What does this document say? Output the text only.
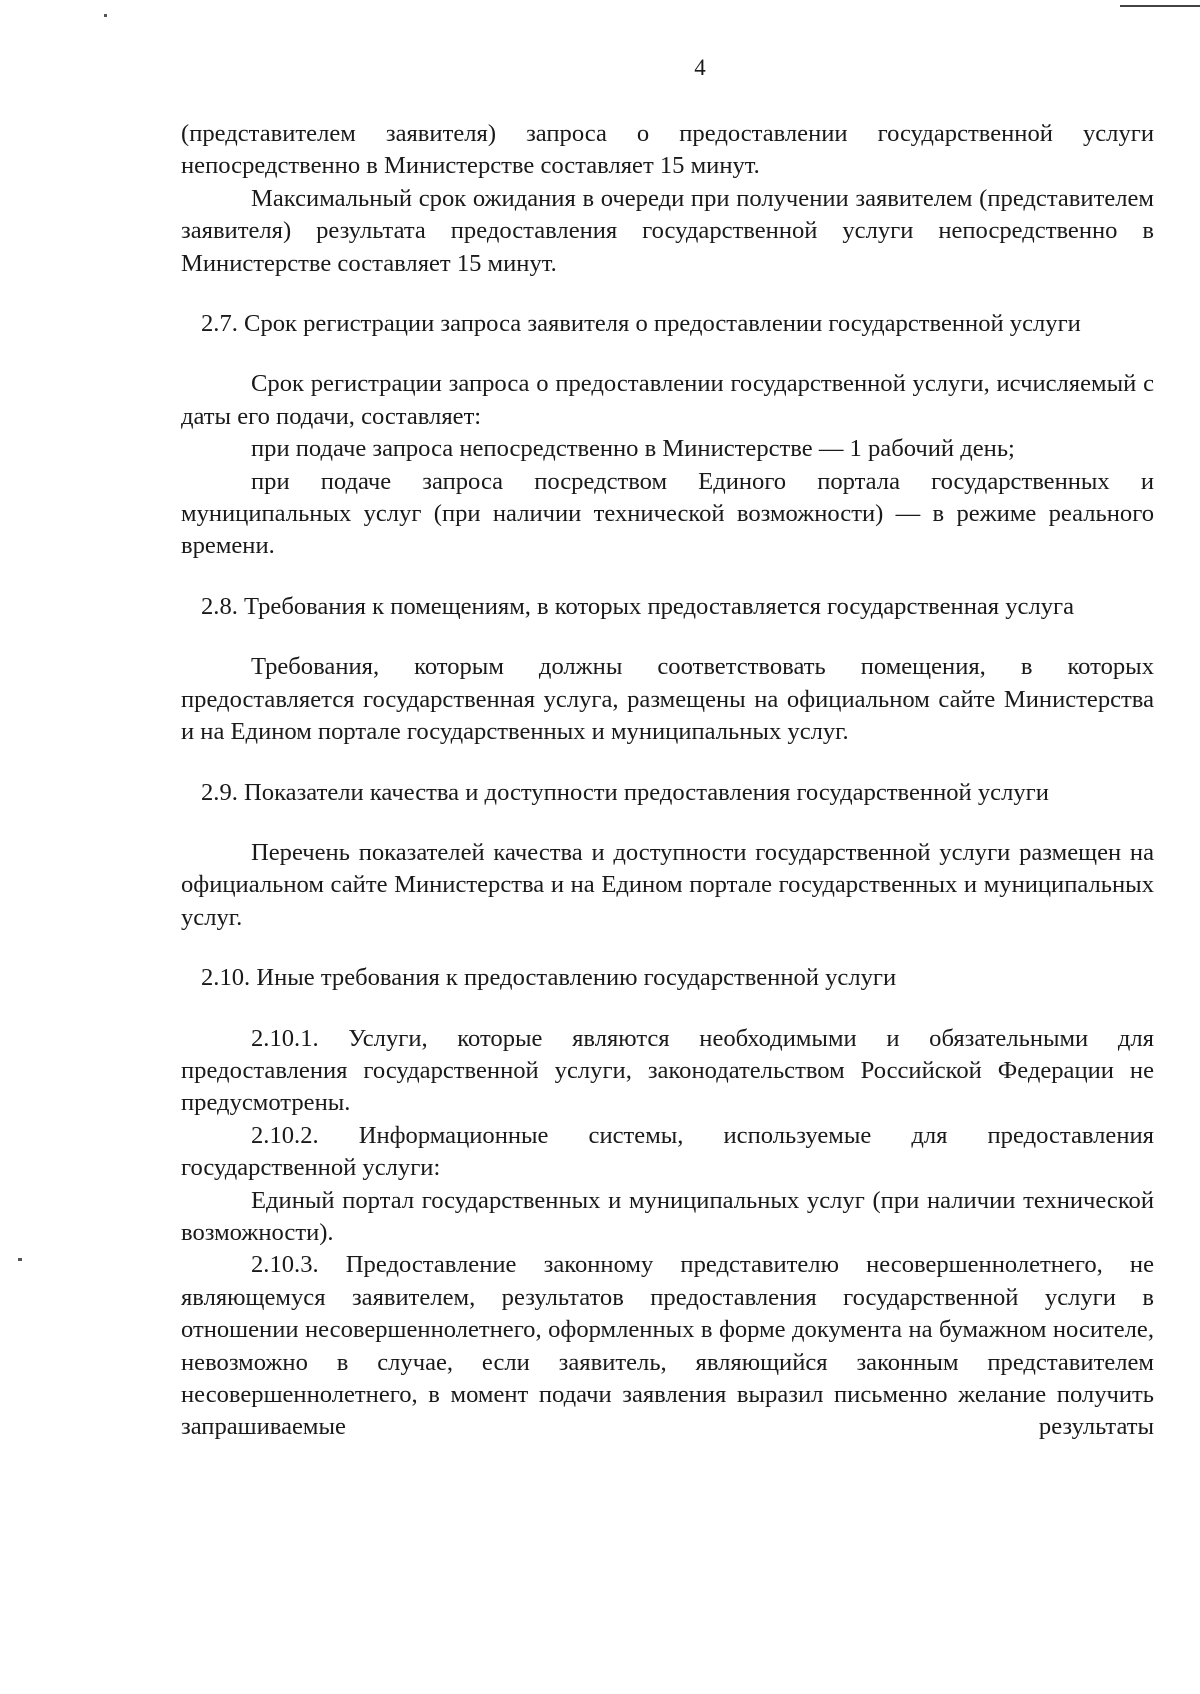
4

(представителем заявителя) запроса о предоставлении государственной услуги непосредственно в Министерстве составляет 15 минут.

Максимальный срок ожидания в очереди при получении заявителем (представителем заявителя) результата предоставления государственной услуги непосредственно в Министерстве составляет 15 минут.

2.7. Срок регистрации запроса заявителя о предоставлении государственной услуги

Срок регистрации запроса о предоставлении государственной услуги, исчисляемый с даты его подачи, составляет:

при подаче запроса непосредственно в Министерстве — 1 рабочий день;

при подаче запроса посредством Единого портала государственных и муниципальных услуг (при наличии технической возможности) — в режиме реального времени.

2.8. Требования к помещениям, в которых предоставляется государственная услуга

Требования, которым должны соответствовать помещения, в которых предоставляется государственная услуга, размещены на официальном сайте Министерства и на Едином портале государственных и муниципальных услуг.

2.9. Показатели качества и доступности предоставления государственной услуги

Перечень показателей качества и доступности государственной услуги размещен на официальном сайте Министерства и на Едином портале государственных и муниципальных услуг.

2.10. Иные требования к предоставлению государственной услуги

2.10.1. Услуги, которые являются необходимыми и обязательными для предоставления государственной услуги, законодательством Российской Федерации не предусмотрены.

2.10.2. Информационные системы, используемые для предоставления государственной услуги:

Единый портал государственных и муниципальных услуг (при наличии технической возможности).

2.10.3. Предоставление законному представителю несовершеннолетнего, не являющемуся заявителем, результатов предоставления государственной услуги в отношении несовершеннолетнего, оформленных в форме документа на бумажном носителе, невозможно в случае, если заявитель, являющийся законным представителем несовершеннолетнего, в момент подачи заявления выразил письменно желание получить запрашиваемые результаты
